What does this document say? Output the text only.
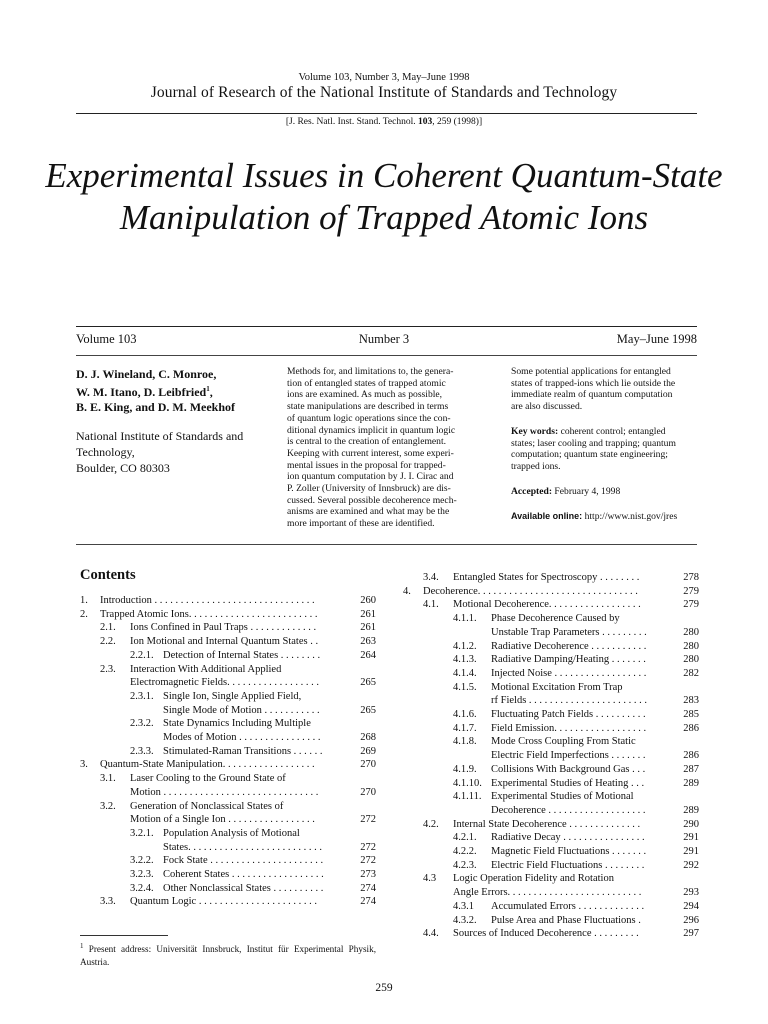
Volume 103, Number 3, May–June 1998
Journal of Research of the National Institute of Standards and Technology
[J. Res. Natl. Inst. Stand. Technol. 103, 259 (1998)]
Experimental Issues in Coherent Quantum-State
Manipulation of Trapped Atomic Ions
Volume 103	Number 3	May–June 1998
D. J. Wineland, C. Monroe,
W. M. Itano, D. Leibfried$^1$,
B. E. King, and D. M. Meekhof
National Institute of Standards and
Technology,
Boulder, CO 80303
Methods for, and limitations to, the genera-
tion of entangled states of trapped atomic
ions are examined. As much as possible,
state manipulations are described in terms
of quantum logic operations since the con-
ditional dynamics implicit in quantum logic
is central to the creation of entanglement.
Keeping with current interest, some experi-
mental issues in the proposal for trapped-
ion quantum computation by J. I. Cirac and
P. Zoller (University of Innsbruck) are dis-
cussed. Several possible decoherence mech-
anisms are examined and what may be the
more important of these are identified.
Some potential applications for entangled
states of trapped-ions which lie outside the
immediate realm of quantum computation
are also discussed.
Key words: coherent control; entangled
states; laser cooling and trapping; quantum
computation; quantum state engineering;
trapped ions.
Accepted: February 4, 1998
Available online: http://www.nist.gov/jres
Contents
1. Introduction . . . . . . . . . . . . . . . . . . . . . . . . . . . . . . .	260
2. Trapped Atomic Ions. . . . . . . . . . . . . . . . . . . . . . . . .	261
2.1. Ions Confined in Paul Traps . . . . . . . . . . . . .	261
2.2. Ion Motional and Internal Quantum States . .	263
2.2.1. Detection of Internal States . . . . . . . .	264
2.3. Interaction With Additional Applied
Electromagnetic Fields. . . . . . . . . . . . . . . . . .	265
2.3.1. Single Ion, Single Applied Field,
Single Mode of Motion . . . . . . . . . . .	265
2.3.2. State Dynamics Including Multiple
Modes of Motion . . . . . . . . . . . . . . . .	268
2.3.3. Stimulated-Raman Transitions . . . . . .	269
3. Quantum-State Manipulation. . . . . . . . . . . . . . . . . .	270
3.1. Laser Cooling to the Ground State of
Motion . . . . . . . . . . . . . . . . . . . . . . . . . . . . . .	270
3.2. Generation of Nonclassical States of
Motion of a Single Ion . . . . . . . . . . . . . . . . .	272
3.2.1. Population Analysis of Motional
States. . . . . . . . . . . . . . . . . . . . . . . . . .	272
3.2.2. Fock State . . . . . . . . . . . . . . . . . . . . . .	272
3.2.3. Coherent States . . . . . . . . . . . . . . . . . .	273
3.2.4. Other Nonclassical States . . . . . . . . . .	274
3.3. Quantum Logic . . . . . . . . . . . . . . . . . . . . . . .	274
3.4. Entangled States for Spectroscopy . . . . . . . .	278
4. Decoherence. . . . . . . . . . . . . . . . . . . . . . . . . . . . . . .	279
4.1. Motional Decoherence. . . . . . . . . . . . . . . . . .	279
4.1.1. Phase Decoherence Caused by
Unstable Trap Parameters . . . . . . . . .	280
4.1.2. Radiative Decoherence . . . . . . . . . . .	280
4.1.3. Radiative Damping/Heating . . . . . . .	280
4.1.4. Injected Noise . . . . . . . . . . . . . . . . . .	282
4.1.5. Motional Excitation From Trap
rf Fields . . . . . . . . . . . . . . . . . . . . . . .	283
4.1.6. Fluctuating Patch Fields . . . . . . . . . .	285
4.1.7. Field Emission. . . . . . . . . . . . . . . . . .	286
4.1.8. Mode Cross Coupling From Static
Electric Field Imperfections . . . . . . .	286
4.1.9. Collisions With Background Gas . . .	287
4.1.10. Experimental Studies of Heating . . .	289
4.1.11. Experimental Studies of Motional
Decoherence . . . . . . . . . . . . . . . . . . .	289
4.2. Internal State Decoherence . . . . . . . . . . . . . .	290
4.2.1. Radiative Decay . . . . . . . . . . . . . . . .	291
4.2.2. Magnetic Field Fluctuations . . . . . . .	291
4.2.3. Electric Field Fluctuations . . . . . . . .	292
4.3 Logic Operation Fidelity and Rotation
Angle Errors. . . . . . . . . . . . . . . . . . . . . . . . . .	293
4.3.1 Accumulated Errors . . . . . . . . . . . . .	294
4.3.2. Pulse Area and Phase Fluctuations .	296
4.4. Sources of Induced Decoherence . . . . . . . . .	297
$^1$ Present address: Universität Innsbruck, Institut für Experimental Physik, Austria.
259
